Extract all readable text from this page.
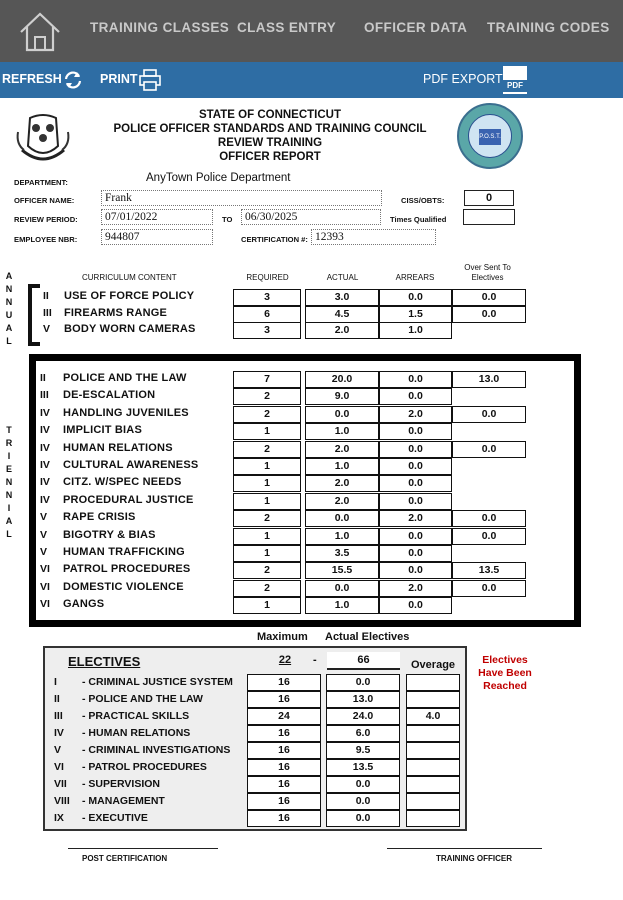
TRAINING CLASSES CLASS ENTRY OFFICER DATA TRAINING CODES
REFRESH	PRINT	PDF EXPORT PDF
STATE OF CONNECTICUT
POLICE OFFICER STANDARDS AND TRAINING COUNCIL
REVIEW TRAINING
OFFICER REPORT
P.O.S.T.
DEPARTMENT:	AnyTown Police Department
OFFICER NAME:	Frank	CISS/OBTS:	0
REVIEW PERIOD:	07/01/2022	TO	06/30/2025	Times Qualified
EMPLOYEE NBR:	944807	CERTIFICATION #: 12393
CURRICULUM CONTENT	REQUIRED	ACTUAL	ARREARS
Over Sent To
Electives
A
N
N
U
A
L
II USE OF FORCE POLICY	3	3.0	0.0	0.0
III FIREARMS RANGE	6	4.5	1.5	0.0
V BODY WORN CAMERAS	3	2.0	1.0
T
R
I
E
N
N
I
A
L
II POLICE AND THE LAW	7	20.0	0.0	13.0
III DE-ESCALATION	2	9.0	0.0
IV HANDLING JUVENILES	2	0.0	2.0	0.0
IV IMPLICIT BIAS	1	1.0	0.0
IV HUMAN RELATIONS	2	2.0	0.0	0.0
IV CULTURAL AWARENESS	1	1.0	0.0
IV CITZ. W/SPEC NEEDS	1	2.0	0.0
IV PROCEDURAL JUSTICE	1	2.0	0.0
V RAPE CRISIS	2	0.0	2.0	0.0
V BIGOTRY & BIAS	1	1.0	0.0	0.0
V HUMAN TRAFFICKING	1	3.5	0.0
VI PATROL PROCEDURES	2	15.5	0.0	13.5
VI DOMESTIC VIOLENCE	2	0.0	2.0	0.0
VI GANGS	1	1.0	0.0
Maximum Actual Electives
ELECTIVES	22	-	66	Overage	Electives
Have Been
Reached
I - CRIMINAL JUSTICE SYSTEM	16	0.0
II - POLICE AND THE LAW	16	13.0
III - PRACTICAL SKILLS	24	24.0	4.0
IV - HUMAN RELATIONS	16	6.0
V - CRIMINAL INVESTIGATIONS	16	9.5
VI - PATROL PROCEDURES	16	13.5
VII - SUPERVISION	16	0.0
VIII - MANAGEMENT	16	0.0
IX - EXECUTIVE	16	0.0
POST CERTIFICATION	TRAINING OFFICER
